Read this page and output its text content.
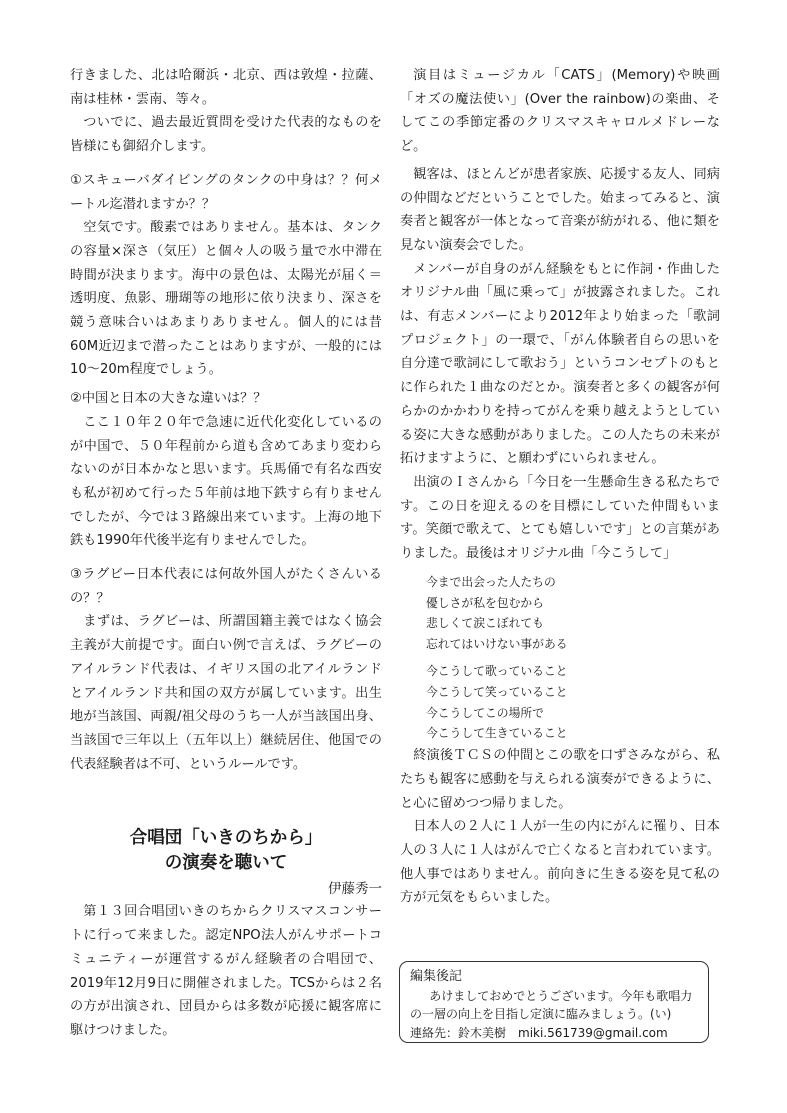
行きました、北は哈爾浜・北京、西は敦煌・拉薩、南は桂林・雲南、等々。

ついでに、過去最近質問を受けた代表的なものを皆様にも御紹介します。

①スキューバダイビングのタンクの中身は？？何メートル迄潜れますか？？

空気です。酸素ではありません。基本は、タンクの容量×深さ（気圧）と個々人の吸う量で水中滞在時間が決まります。海中の景色は、太陽光が届く＝透明度、魚影、珊瑚等の地形に依り決まり、深さを競う意味合いはあまりありません。個人的には昔60M近辺まで潜ったことはありますが、一般的には10〜20m程度でしょう。

②中国と日本の大きな違いは？？

ここ１０年２０年で急速に近代化変化しているのが中国で、５０年程前から道も含めてあまり変わらないのが日本かなと思います。兵馬俑で有名な西安も私が初めて行った５年前は地下鉄すら有りませんでしたが、今では３路線出来ています。上海の地下鉄も1990年代後半迄有りませんでした。

③ラグビー日本代表には何故外国人がたくさんいるの？？

まずは、ラグビーは、所謂国籍主義ではなく協会主義が大前提です。面白い例で言えば、ラグビーのアイルランド代表は、イギリス国の北アイルランドとアイルランド共和国の双方が属しています。出生地が当該国、両親/祖父母のうち一人が当該国出身、当該国で三年以上（五年以上）継続居住、他国での代表経験者は不可、というルールです。

合唱団「いきのちから」
の演奏を聴いて

伊藤秀一

第１３回合唱団いきのちからクリスマスコンサートに行って来ました。認定NPO法人がんサポートコミュニティーが運営するがん経験者の合唱団で、2019年12月9日に開催されました。TCSからは２名の方が出演され、団員からは多数が応援に観客席に駆けつけました。

演目はミュージカル「CATS」(Memory)や映画「オズの魔法使い」(Over the rainbow)の楽曲、そしてこの季節定番のクリスマスキャロルメドレーなど。

観客は、ほとんどが患者家族、応援する友人、同病の仲間などだということでした。始まってみると、演奏者と観客が一体となって音楽が紡がれる、他に類を見ない演奏会でした。

メンバーが自身のがん経験をもとに作詞・作曲したオリジナル曲「風に乗って」が披露されました。これは、有志メンバーにより2012年より始まった「歌詞プロジェクト」の一環で、「がん体験者自らの思いを自分達で歌詞にして歌おう」というコンセプトのもとに作られた１曲なのだとか。演奏者と多くの観客が何らかのかかわりを持ってがんを乗り越えようとしている姿に大きな感動がありました。この人たちの未来が拓けますように、と願わずにいられません。

出演のＩさんから「今日を一生懸命生きる私たちです。この日を迎えるのを目標にしていた仲間もいます。笑顔で歌えて、とても嬉しいです」との言葉がありました。最後はオリジナル曲「今こうして」

今まで出会った人たちの
優しさが私を包むから
悲しくて涙こぼれても
忘れてはいけない事がある
今こうして歌っていること
今こうして笑っていること
今こうしてこの場所で
今こうして生きていること

終演後ＴＣＳの仲間とこの歌を口ずさみながら、私たちも観客に感動を与えられる演奏ができるように、と心に留めつつ帰りました。

日本人の２人に１人が一生の内にがんに罹り、日本人の３人に１人はがんで亡くなると言われています。他人事ではありません。前向きに生きる姿を見て私の方が元気をもらいました。

編集後記
あけましておめでとうございます。今年も歌唱力の一層の向上を目指し定演に臨みましょう。(い)
連絡先：鈴木美樹　miki.561739@gmail.com
